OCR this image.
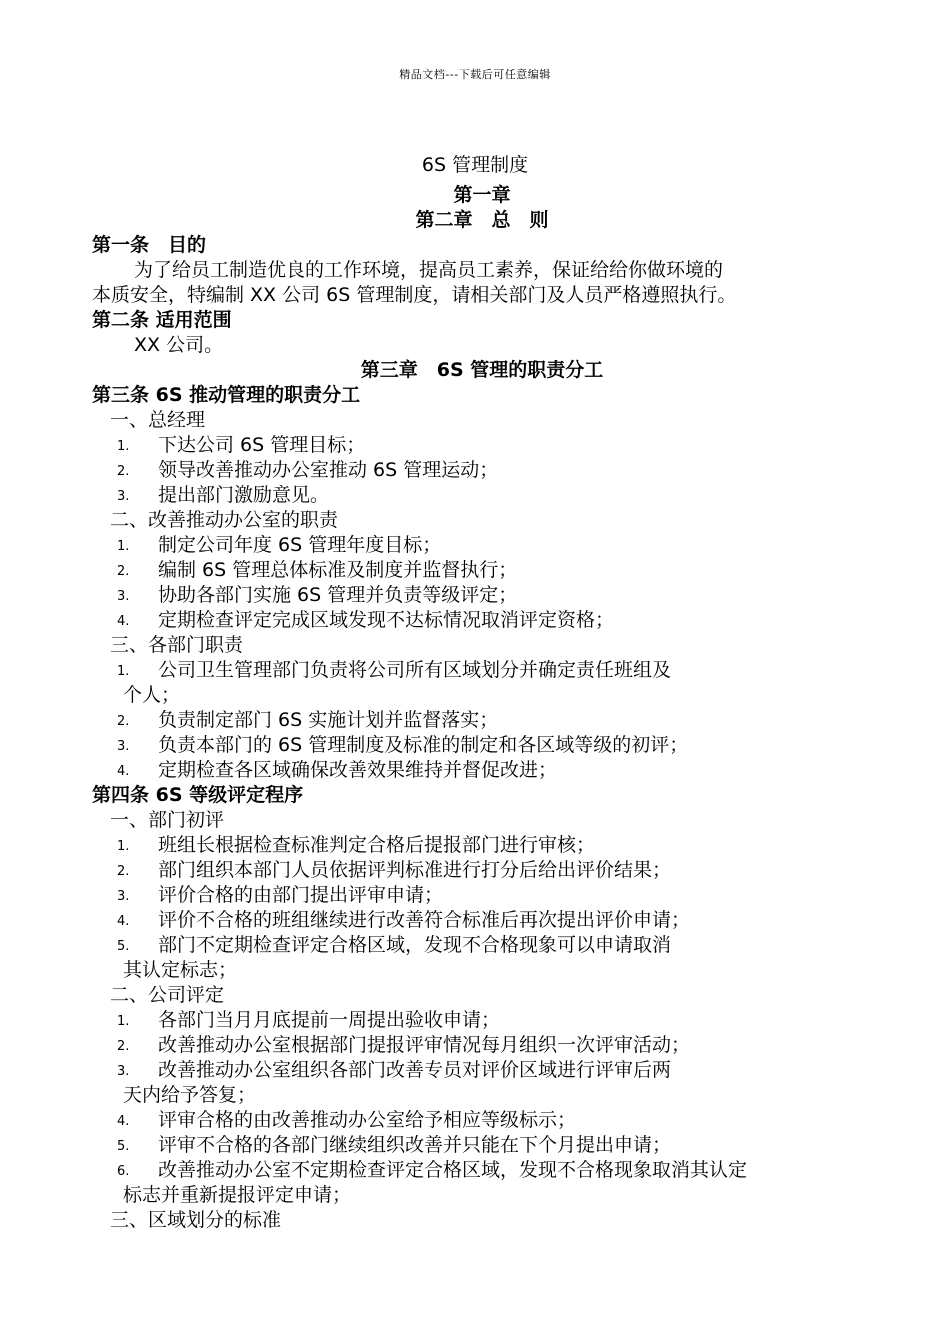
精品文档---下载后可任意编辑
6S 管理制度
第一章
第二章　总　则
第一条　目的
为了给员工制造优良的工作环境，提高员工素养，保证给给你做环境的
本质安全，特编制 XX 公司 6S 管理制度，请相关部门及人员严格遵照执行。
第二条 适用范围
XX 公司。
第三章　6S 管理的职责分工
第三条 6S 推动管理的职责分工
一、总经理
1. 下达公司 6S 管理目标；
2. 领导改善推动办公室推动 6S 管理运动；
3. 提出部门激励意见。
二、改善推动办公室的职责
1. 制定公司年度 6S 管理年度目标；
2. 编制 6S 管理总体标准及制度并监督执行；
3. 协助各部门实施 6S 管理并负责等级评定；
4. 定期检查评定完成区域发现不达标情况取消评定资格；
三、各部门职责
1. 公司卫生管理部门负责将公司所有区域划分并确定责任班组及
个人；
2. 负责制定部门 6S 实施计划并监督落实；
3. 负责本部门的 6S 管理制度及标准的制定和各区域等级的初评；
4. 定期检查各区域确保改善效果维持并督促改进；
第四条 6S 等级评定程序
一、部门初评
1. 班组长根据检查标准判定合格后提报部门进行审核；
2. 部门组织本部门人员依据评判标准进行打分后给出评价结果；
3. 评价合格的由部门提出评审申请；
4. 评价不合格的班组继续进行改善符合标准后再次提出评价申请；
5. 部门不定期检查评定合格区域，发现不合格现象可以申请取消
其认定标志；
二、公司评定
1. 各部门当月月底提前一周提出验收申请；
2. 改善推动办公室根据部门提报评审情况每月组织一次评审活动；
3. 改善推动办公室组织各部门改善专员对评价区域进行评审后两
天内给予答复；
4. 评审合格的由改善推动办公室给予相应等级标示；
5. 评审不合格的各部门继续组织改善并只能在下个月提出申请；
6. 改善推动办公室不定期检查评定合格区域，发现不合格现象取消其认定
标志并重新提报评定申请；
三、区域划分的标准
